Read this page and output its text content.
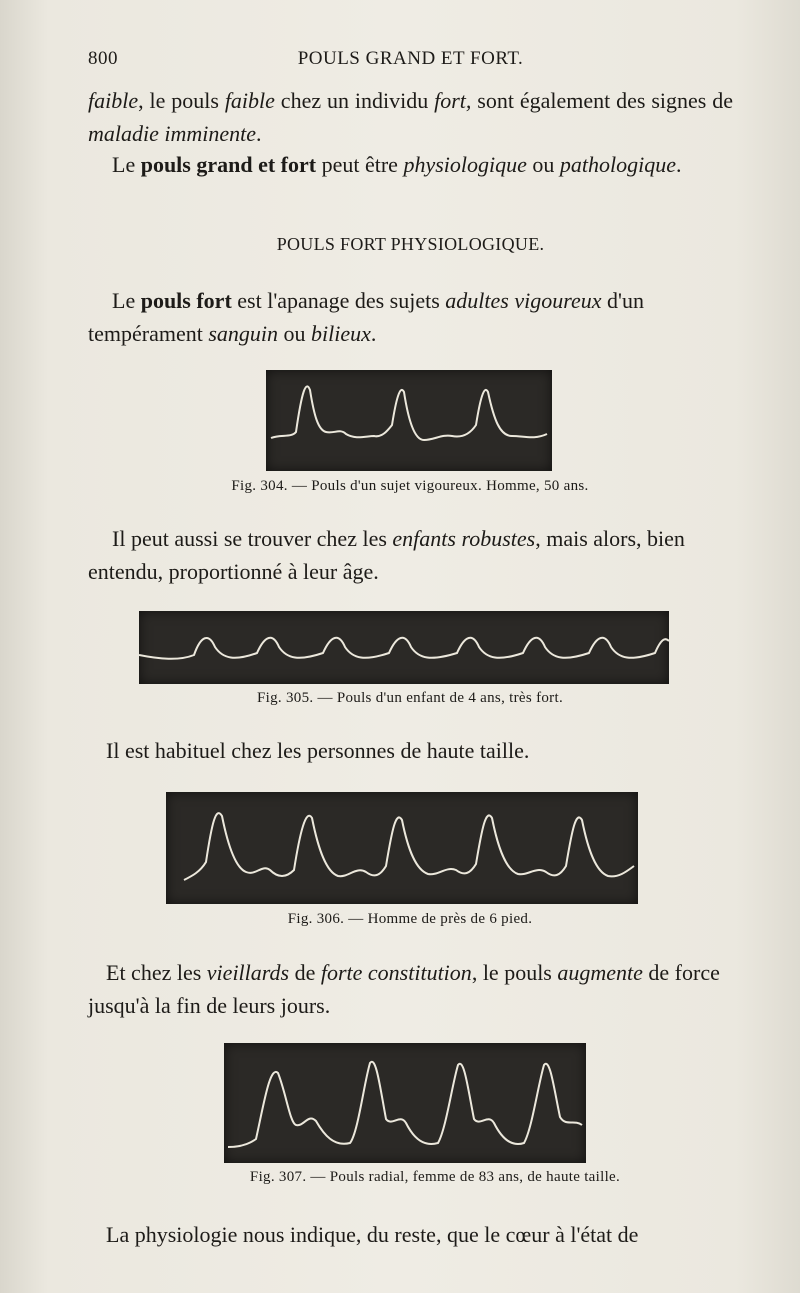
800	POULS GRAND ET FORT.
faible, le pouls faible chez un individu fort, sont également des signes de maladie imminente.
Le pouls grand et fort peut être physiologique ou pathologique.
POULS FORT PHYSIOLOGIQUE.
Le pouls fort est l'apanage des sujets adultes vigoureux d'un tempérament sanguin ou bilieux.
Fig. 304. — Pouls d'un sujet vigoureux. Homme, 50 ans.
Il peut aussi se trouver chez les enfants robustes, mais alors, bien entendu, proportionné à leur âge.
Fig. 305. — Pouls d'un enfant de 4 ans, très fort.
Il est habituel chez les personnes de haute taille.
Fig. 306. — Homme de près de 6 pied.
Et chez les vieillards de forte constitution, le pouls augmente de force jusqu'à la fin de leurs jours.
Fig. 307. — Pouls radial, femme de 83 ans, de haute taille.
La physiologie nous indique, du reste, que le cœur à l'état de
